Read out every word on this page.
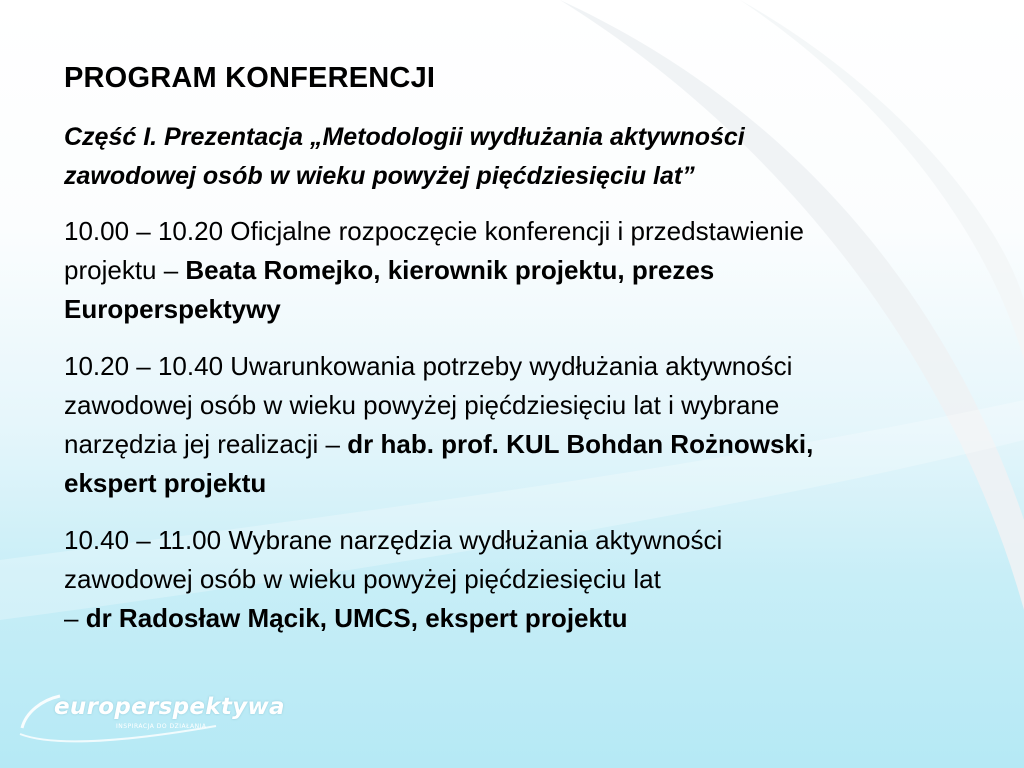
PROGRAM KONFERENCJI
Część I. Prezentacja „Metodologii wydłużania aktywności
zawodowej osób w wieku powyżej pięćdziesięciu lat”
10.00 – 10.20 Oficjalne rozpoczęcie konferencji i przedstawienie
projektu – Beata Romejko, kierownik projektu, prezes
Europerspektywy
10.20 – 10.40 Uwarunkowania potrzeby wydłużania aktywności
zawodowej osób w wieku powyżej pięćdziesięciu lat i wybrane
narzędzia jej realizacji – dr hab. prof. KUL Bohdan Rożnowski,
ekspert projektu
10.40 – 11.00 Wybrane narzędzia wydłużania aktywności
zawodowej osób w wieku powyżej pięćdziesięciu lat
– dr Radosław Mącik, UMCS, ekspert projektu
europerspektywa
INSPIRACJA DO DZIAŁANIA
